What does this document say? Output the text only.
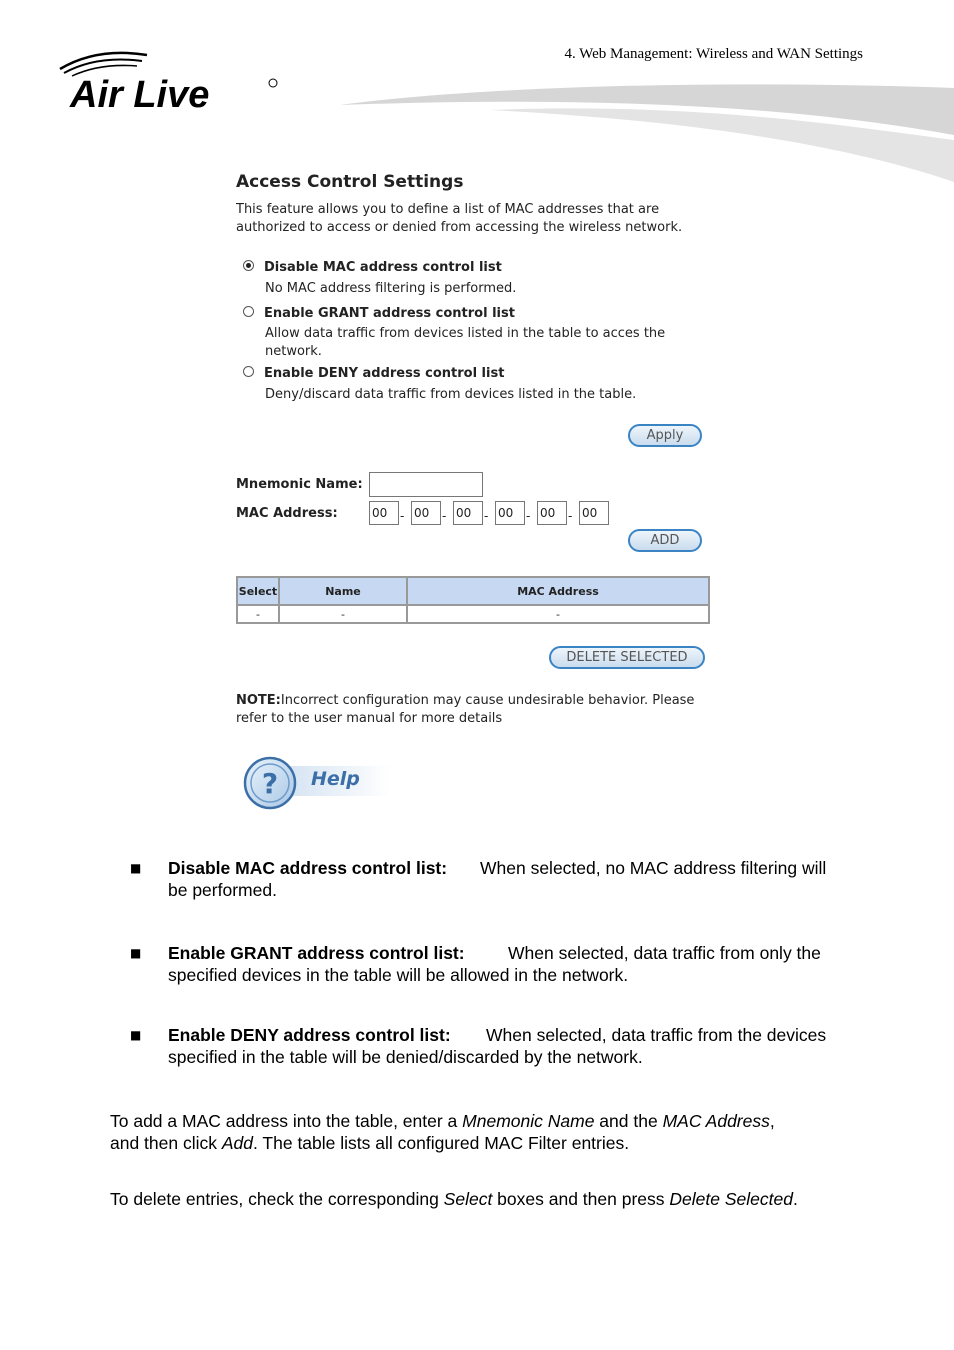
4. Web Management: Wireless and WAN Settings
Air Live
Access Control Settings
This feature allows you to define a list of MAC addresses that are authorized to access or denied from accessing the wireless network.
Disable MAC address control list
No MAC address filtering is performed.
Enable GRANT address control list
Allow data traffic from devices listed in the table to acces the network.
Enable DENY address control list
Deny/discard data traffic from devices listed in the table.
Apply
Mnemonic Name:
MAC Address:	00	- 00	- 00	- 00	- 00	- 00
ADD
Select	Name	MAC Address
-	-	-
DELETE SELECTED
NOTE:Incorrect configuration may cause undesirable behavior. Please refer to the user manual for more details
? Help
■ Disable MAC address control list:	When selected, no MAC address filtering will
be performed.
■ Enable GRANT address control list:	When selected, data traffic from only the
specified devices in the table will be allowed in the network.
■ Enable DENY address control list:	When selected, data traffic from the devices
specified in the table will be denied/discarded by the network.
To add a MAC address into the table, enter a Mnemonic Name and the MAC Address,
and then click Add. The table lists all configured MAC Filter entries.
To delete entries, check the corresponding Select boxes and then press Delete Selected.
